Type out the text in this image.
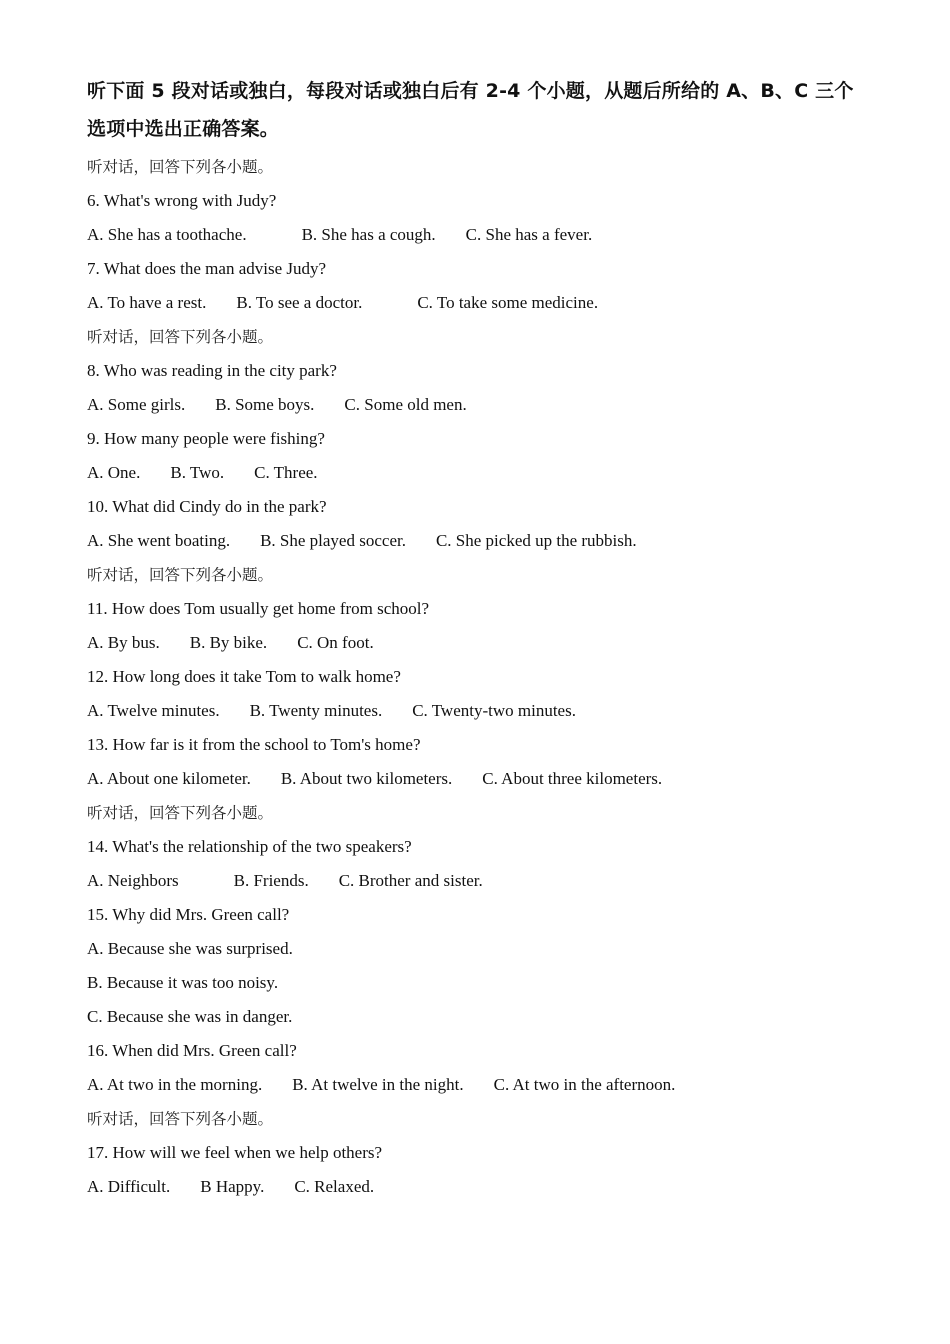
听下面 5 段对话或独白，每段对话或独白后有 2-4 个小题，从题后所给的 A、B、C 三个选项中选出正确答案。
听对话，回答下列各小题。
6. What's wrong with Judy?
A. She has a toothache.	B. She has a cough. C. She has a fever.
7. What does the man advise Judy?
A. To have a rest. B. To see a doctor.	C. To take some medicine.
听对话，回答下列各小题。
8. Who was reading in the city park?
A. Some girls. B. Some boys. C. Some old men.
9. How many people were fishing?
A. One. B. Two. C. Three.
10. What did Cindy do in the park?
A. She went boating. B. She played soccer. C. She picked up the rubbish.
听对话，回答下列各小题。
11. How does Tom usually get home from school?
A. By bus. B. By bike. C. On foot.
12. How long does it take Tom to walk home?
A. Twelve minutes. B. Twenty minutes. C. Twenty-two minutes.
13. How far is it from the school to Tom's home?
A. About one kilometer. B. About two kilometers. C. About three kilometers.
听对话，回答下列各小题。
14. What's the relationship of the two speakers?
A. Neighbors	B. Friends. C. Brother and sister.
15. Why did Mrs. Green call?
A. Because she was surprised.
B. Because it was too noisy.
C. Because she was in danger.
16. When did Mrs. Green call?
A. At two in the morning. B. At twelve in the night. C. At two in the afternoon.
听对话，回答下列各小题。
17. How will we feel when we help others?
A. Difficult. B Happy. C. Relaxed.
